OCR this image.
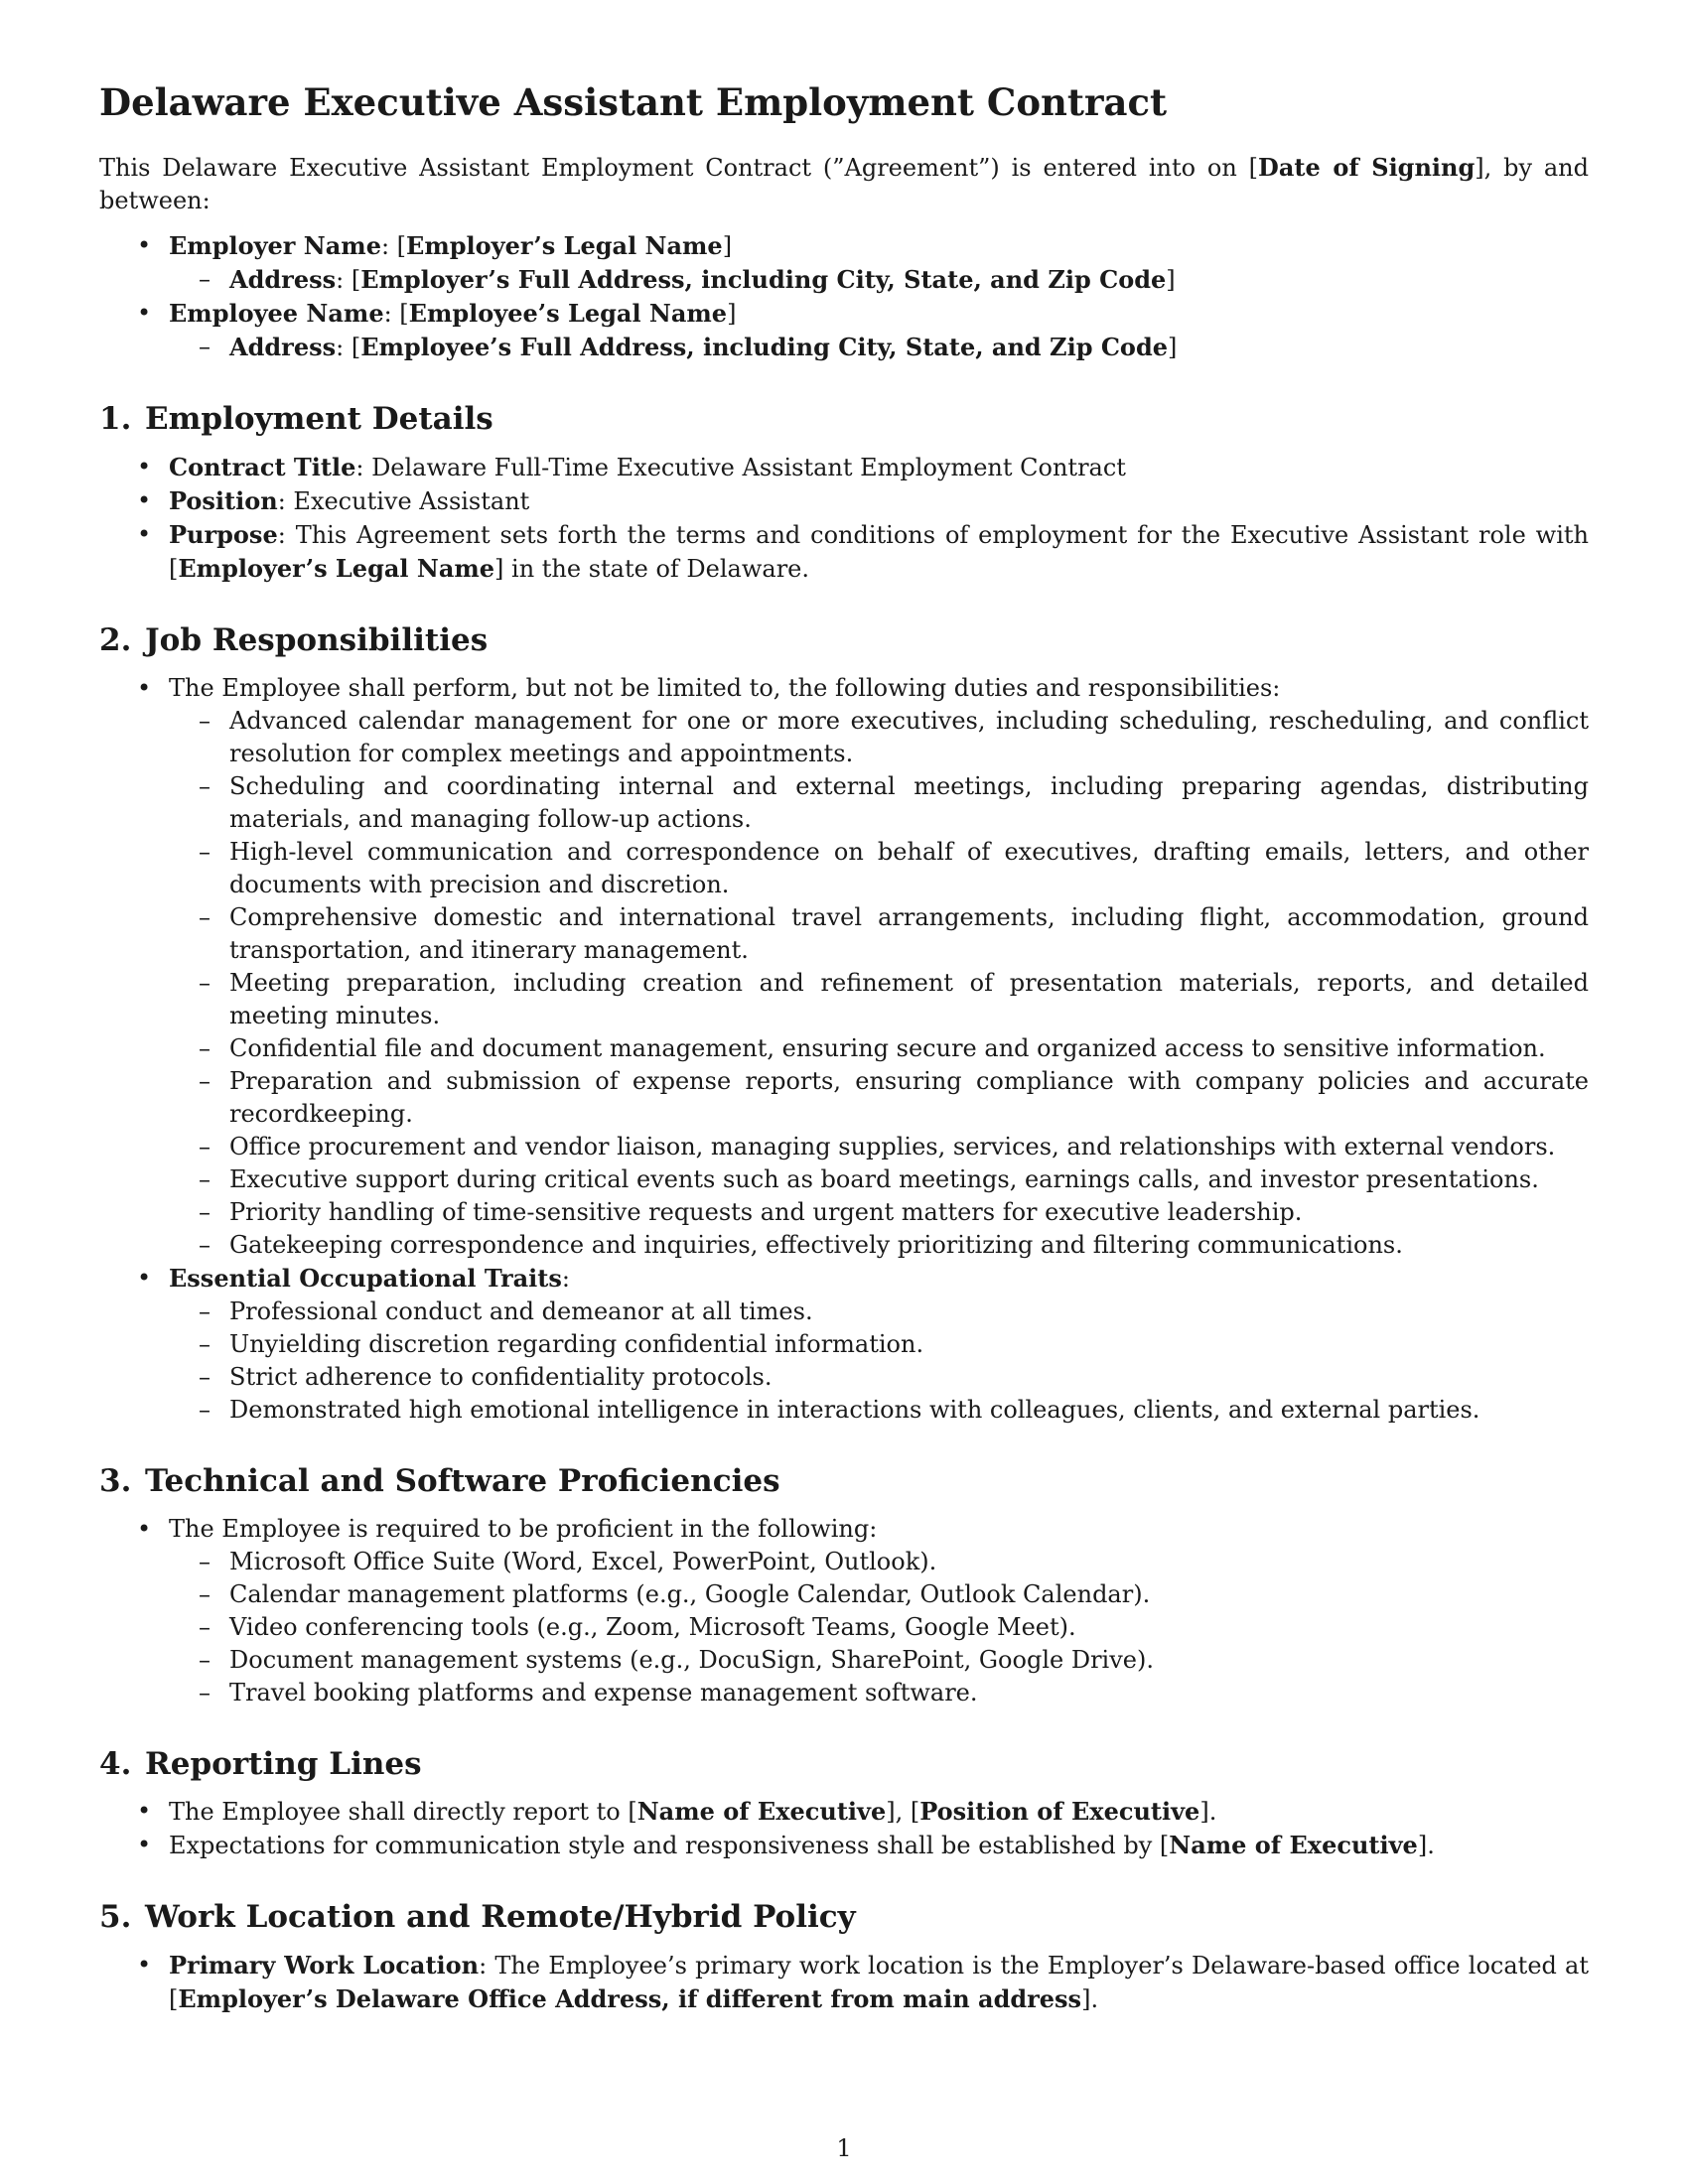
Delaware Executive Assistant Employment Contract

This Delaware Executive Assistant Employment Contract (”Agreement”) is entered into on [Date of Signing], by and between:

• Employer Name: [Employer’s Legal Name]
– Address: [Employer’s Full Address, including City, State, and Zip Code]
• Employee Name: [Employee’s Legal Name]
– Address: [Employee’s Full Address, including City, State, and Zip Code]
1. Employment Details
• Contract Title: Delaware Full-Time Executive Assistant Employment Contract
• Position: Executive Assistant
• Purpose: This Agreement sets forth the terms and conditions of employment for the Executive Assistant role with [Employer’s Legal Name] in the state of Delaware.
2. Job Responsibilities
• The Employee shall perform, but not be limited to, the following duties and responsibilities:
– Advanced calendar management for one or more executives, including scheduling, rescheduling, and conflict resolution for complex meetings and appointments.
– Scheduling and coordinating internal and external meetings, including preparing agendas, distributing materials, and managing follow-up actions.
– High-level communication and correspondence on behalf of executives, drafting emails, letters, and other documents with precision and discretion.
– Comprehensive domestic and international travel arrangements, including flight, accommodation, ground transportation, and itinerary management.
– Meeting preparation, including creation and refinement of presentation materials, reports, and detailed meeting minutes.
– Confidential file and document management, ensuring secure and organized access to sensitive information.
– Preparation and submission of expense reports, ensuring compliance with company policies and accurate recordkeeping.
– Office procurement and vendor liaison, managing supplies, services, and relationships with external vendors.
– Executive support during critical events such as board meetings, earnings calls, and investor presentations.
– Priority handling of time-sensitive requests and urgent matters for executive leadership.
– Gatekeeping correspondence and inquiries, effectively prioritizing and filtering communications.
• Essential Occupational Traits:
– Professional conduct and demeanor at all times.
– Unyielding discretion regarding confidential information.
– Strict adherence to confidentiality protocols.
– Demonstrated high emotional intelligence in interactions with colleagues, clients, and external parties.
3. Technical and Software Proficiencies
• The Employee is required to be proficient in the following:
– Microsoft Office Suite (Word, Excel, PowerPoint, Outlook).
– Calendar management platforms (e.g., Google Calendar, Outlook Calendar).
– Video conferencing tools (e.g., Zoom, Microsoft Teams, Google Meet).
– Document management systems (e.g., DocuSign, SharePoint, Google Drive).
– Travel booking platforms and expense management software.
4. Reporting Lines
• The Employee shall directly report to [Name of Executive], [Position of Executive].
• Expectations for communication style and responsiveness shall be established by [Name of Executive].
5. Work Location and Remote/Hybrid Policy
• Primary Work Location: The Employee’s primary work location is the Employer’s Delaware-based office located at [Employer’s Delaware Office Address, if different from main address].
1
